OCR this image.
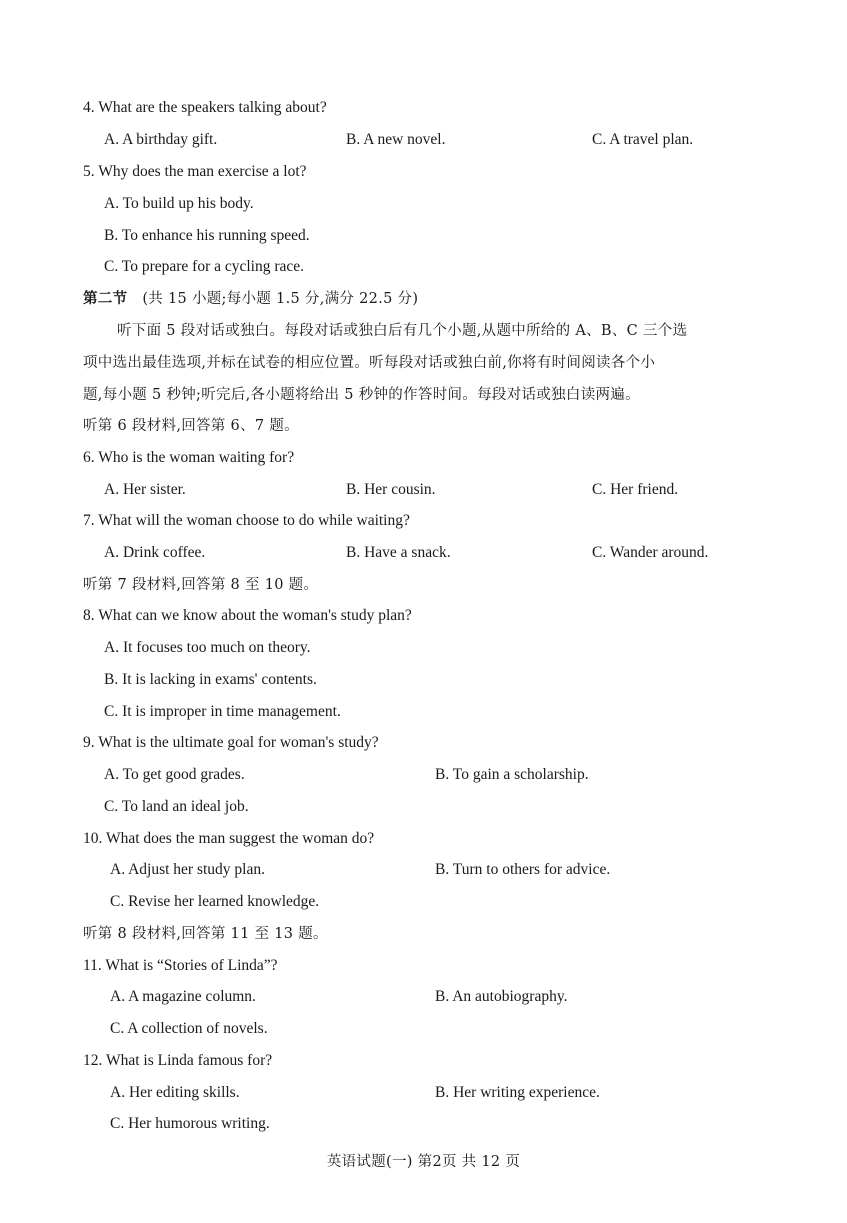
4. What are the speakers talking about?
A. A birthday gift.	B. A new novel.	C. A travel plan.
5. Why does the man exercise a lot?
A. To build up his body.
B. To enhance his running speed.
C. To prepare for a cycling race.
第二节 (共 15 小题;每小题 1.5 分,满分 22.5 分)
听下面 5 段对话或独白。每段对话或独白后有几个小题,从题中所给的 A、B、C 三个选
项中选出最佳选项,并标在试卷的相应位置。听每段对话或独白前,你将有时间阅读各个小
题,每小题 5 秒钟;听完后,各小题将给出 5 秒钟的作答时间。每段对话或独白读两遍。
听第 6 段材料,回答第 6、7 题。
6. Who is the woman waiting for?
A. Her sister.	B. Her cousin.	C. Her friend.
7. What will the woman choose to do while waiting?
A. Drink coffee.	B. Have a snack.	C. Wander around.
听第 7 段材料,回答第 8 至 10 题。
8. What can we know about the woman's study plan?
A. It focuses too much on theory.
B. It is lacking in exams' contents.
C. It is improper in time management.
9. What is the ultimate goal for woman's study?
A. To get good grades.	B. To gain a scholarship.
C. To land an ideal job.
10. What does the man suggest the woman do?
A. Adjust her study plan.	B. Turn to others for advice.
C. Revise her learned knowledge.
听第 8 段材料,回答第 11 至 13 题。
11. What is “Stories of Linda”?
A. A magazine column.	B. An autobiography.
C. A collection of novels.
12. What is Linda famous for?
A. Her editing skills.	B. Her writing experience.
C. Her humorous writing.
英语试题(一) 第2页 共 12 页
